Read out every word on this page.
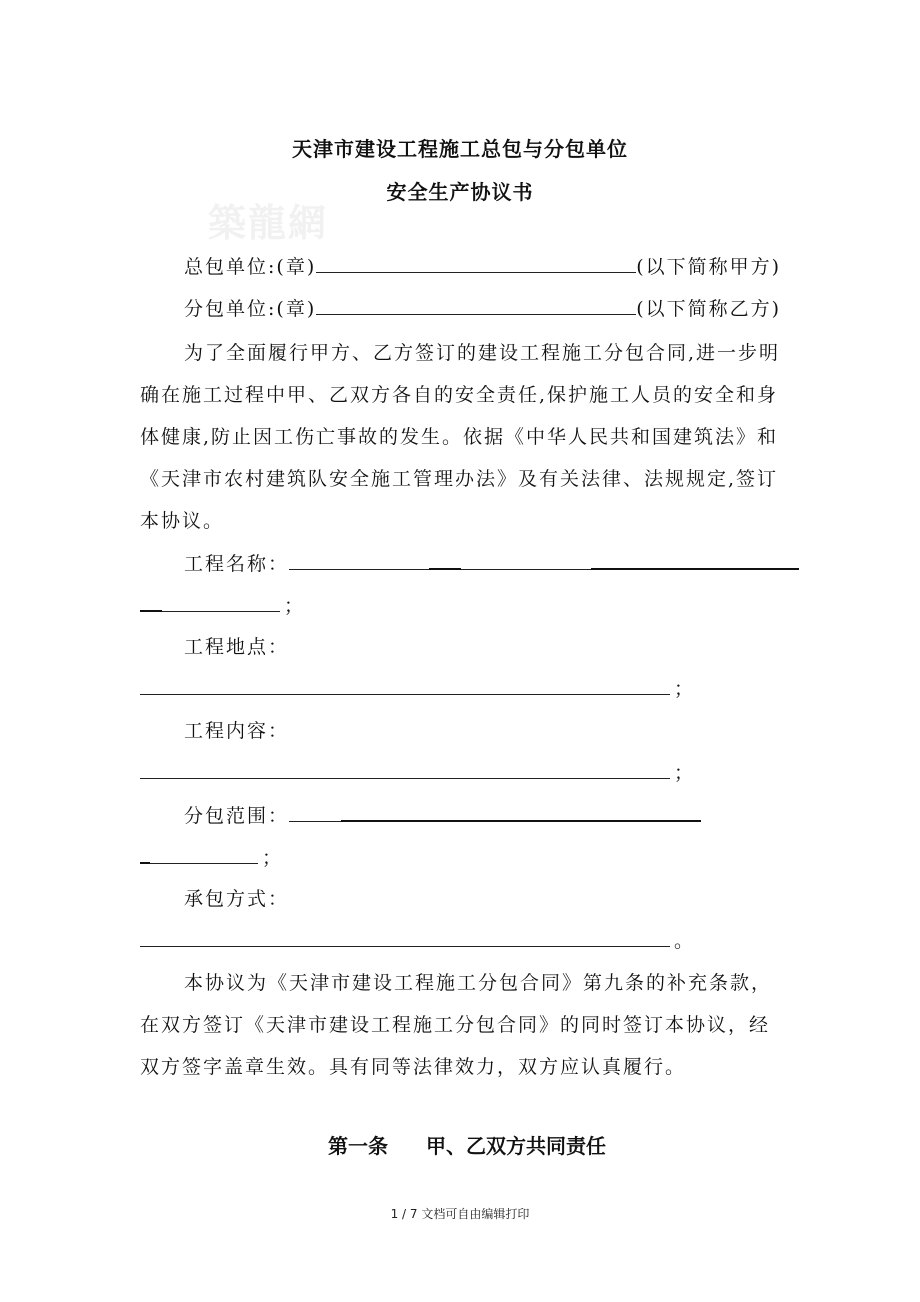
天津市建设工程施工总包与分包单位
安全生产协议书
築龍網
总包单位:(章)	(以下简称甲方)
分包单位:(章)	(以下简称乙方)
为了全面履行甲方、乙方签订的建设工程施工分包合同,进一步明
确在施工过程中甲、乙双方各自的安全责任,保护施工人员的安全和身
体健康,防止因工伤亡事故的发生。依据《中华人民共和国建筑法》和
《天津市农村建筑队安全施工管理办法》及有关法律、法规规定,签订
本协议。
工程名称：
；
工程地点：
；
工程内容：
；
分包范围：
；
承包方式：
。
本协议为《天津市建设工程施工分包合同》第九条的补充条款，
在双方签订《天津市建设工程施工分包合同》的同时签订本协议，经
双方签字盖章生效。具有同等法律效力，双方应认真履行。
第一条 甲、乙双方共同责任
1 / 7 文档可自由编辑打印
